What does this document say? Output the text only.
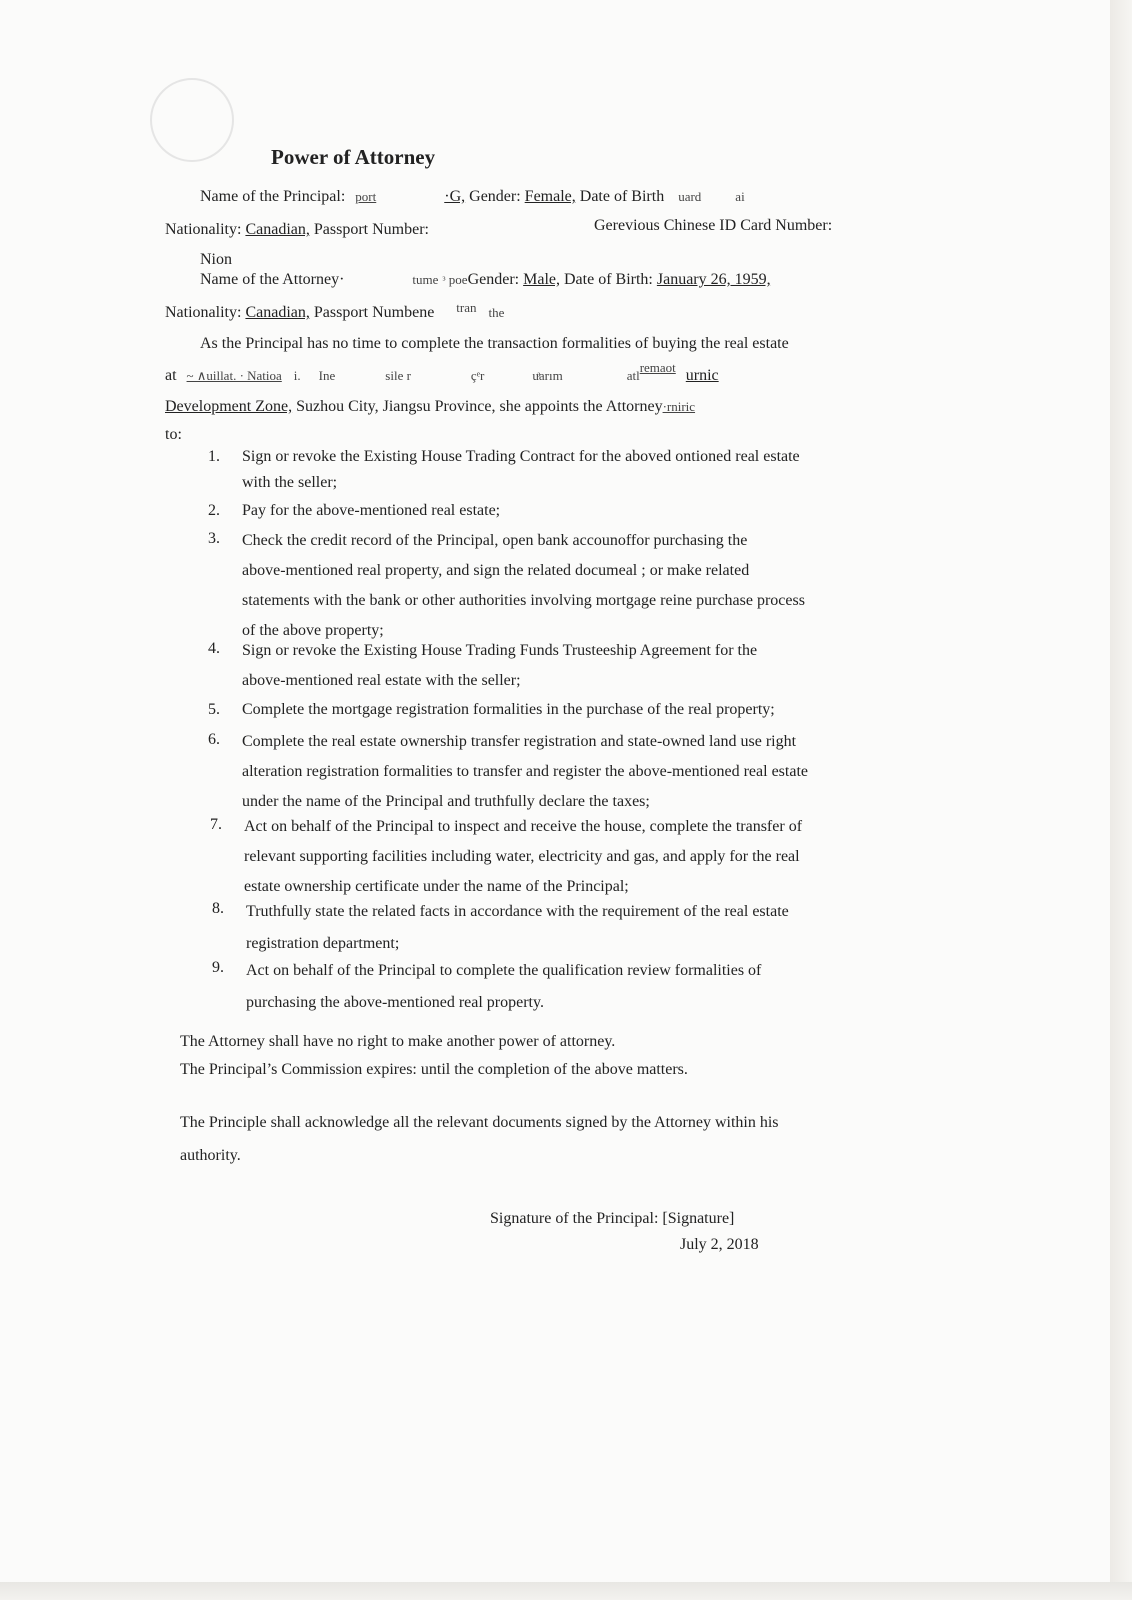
Power of Attorney
Name of the Principal: port	·G, Gender: Female, Date of Birth uard	ai
Nationality: Canadian, Passport Number:	Gerevious Chinese ID Card Number:
Nion
Name of the Attorney·	tume ᵌ poeGender: Male, Date of Birth: January 26, 1959,
Nationality: Canadian, Passport Numbene $^{tran}$ the
As the Principal has no time to complete the transaction formalities of buying the real estate
at ~ ∧uillat. · Natioa i. Ine	sile r	çᵉr	uͣarım	atl$^{remaot}$ urnic
Development Zone, Suzhou City, Jiangsu Province, she appoints the Attorney·rniric
to:
1.	Sign or revoke the Existing House Trading Contract for the aboved ontioned real estate
with the seller;
2.	Pay for the above-mentioned real estate;
3.	Check the credit record of the Principal, open bank accounoffor purchasing the
above-mentioned real property, and sign the related documeal ; or make related
statements with the bank or other authorities involving mortgage reine purchase process
of the above property;
4.	Sign or revoke the Existing House Trading Funds Trusteeship Agreement for the
above-mentioned real estate with the seller;
5.	Complete the mortgage registration formalities in the purchase of the real property;
6.	Complete the real estate ownership transfer registration and state-owned land use right
alteration registration formalities to transfer and register the above-mentioned real estate
under the name of the Principal and truthfully declare the taxes;
7.	Act on behalf of the Principal to inspect and receive the house, complete the transfer of
relevant supporting facilities including water, electricity and gas, and apply for the real
estate ownership certificate under the name of the Principal;
8.	Truthfully state the related facts in accordance with the requirement of the real estate
registration department;
9.	Act on behalf of the Principal to complete the qualification review formalities of
purchasing the above-mentioned real property.
The Attorney shall have no right to make another power of attorney.
The Principal’s Commission expires: until the completion of the above matters.
The Principle shall acknowledge all the relevant documents signed by the Attorney within his
authority.
Signature of the Principal: [Signature]
July 2, 2018
